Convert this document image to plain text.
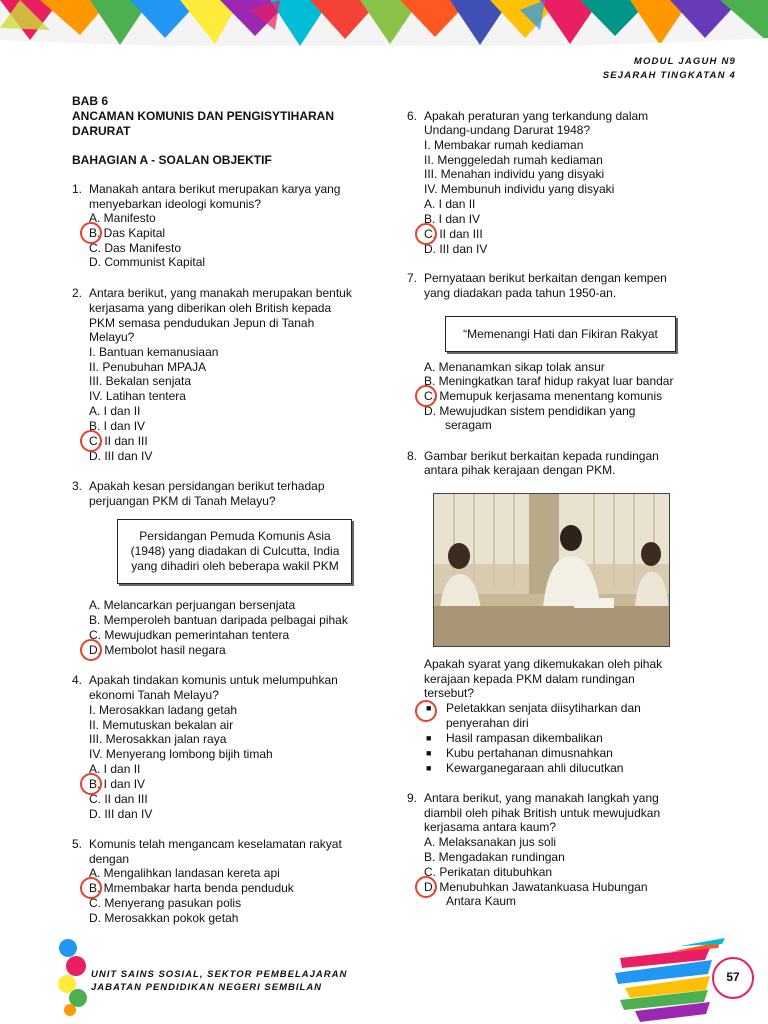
MODUL JAGUH N9
SEJARAH TINGKATAN 4
BAB 6
ANCAMAN KOMUNIS DAN PENGISYTIHARAN
DARURAT
BAHAGIAN A - SOALAN OBJEKTIF
1. Manakah antara berikut merupakan karya yang
menyebarkan ideologi komunis?
A. Manifesto
B. Das Kapital
C. Das Manifesto
D. Communist Kapital
2. Antara berikut, yang manakah merupakan bentuk
kerjasama yang diberikan oleh British kepada
PKM semasa pendudukan Jepun di Tanah
Melayu?
I. Bantuan kemanusiaan
II. Penubuhan MPAJA
III. Bekalan senjata
IV. Latihan tentera
A. I dan II
B. I dan IV
C. II dan III
D. III dan IV
3. Apakah kesan persidangan berikut terhadap
perjuangan PKM di Tanah Melayu?
Persidangan Pemuda Komunis Asia
(1948) yang diadakan di Culcutta, India
yang dihadiri oleh beberapa wakil PKM
A. Melancarkan perjuangan bersenjata
B. Memperoleh bantuan daripada pelbagai pihak
C. Mewujudkan pemerintahan tentera
D. Membolot hasil negara
4. Apakah tindakan komunis untuk melumpuhkan
ekonomi Tanah Melayu?
I. Merosakkan ladang getah
II. Memutuskan bekalan air
III. Merosakkan jalan raya
IV. Menyerang lombong bijih timah
A. I dan II
B. I dan IV
C. II dan III
D. III dan IV
5. Komunis telah mengancam keselamatan rakyat
dengan
A. Mengalihkan landasan kereta api
B. Mmembakar harta benda penduduk
C. Menyerang pasukan polis
D. Merosakkan pokok getah
6. Apakah peraturan yang terkandung dalam
Undang-undang Darurat 1948?
I. Membakar rumah kediaman
II. Menggeledah rumah kediaman
III. Menahan individu yang disyaki
IV. Membunuh individu yang disyaki
A. I dan II
B. I dan IV
C. II dan III
D. III dan IV
7. Pernyataan berikut berkaitan dengan kempen
yang diadakan pada tahun 1950-an.
“Memenangi Hati dan Fikiran Rakyat
A. Menanamkan sikap tolak ansur
B. Meningkatkan taraf hidup rakyat luar bandar
C. Memupuk kerjasama menentang komunis
D. Mewujudkan sistem pendidikan yang
seragam
8. Gambar berikut berkaitan kepada rundingan
antara pihak kerajaan dengan PKM.
Apakah syarat yang dikemukakan oleh pihak
kerajaan kepada PKM dalam rundingan
tersebut?
■ Peletakkan senjata diisytiharkan dan
penyerahan diri
■ Hasil rampasan dikembalikan
■ Kubu pertahanan dimusnahkan
■ Kewarganegaraan ahli dilucutkan
9. Antara berikut, yang manakah langkah yang
diambil oleh pihak British untuk mewujudkan
kerjasama antara kaum?
A. Melaksanakan jus soli
B. Mengadakan rundingan
C. Perikatan ditubuhkan
D. Menubuhkan Jawatankuasa Hubungan
Antara Kaum
UNIT SAINS SOSIAL, SEKTOR PEMBELAJARAN
JABATAN PENDIDIKAN NEGERI SEMBILAN
57
